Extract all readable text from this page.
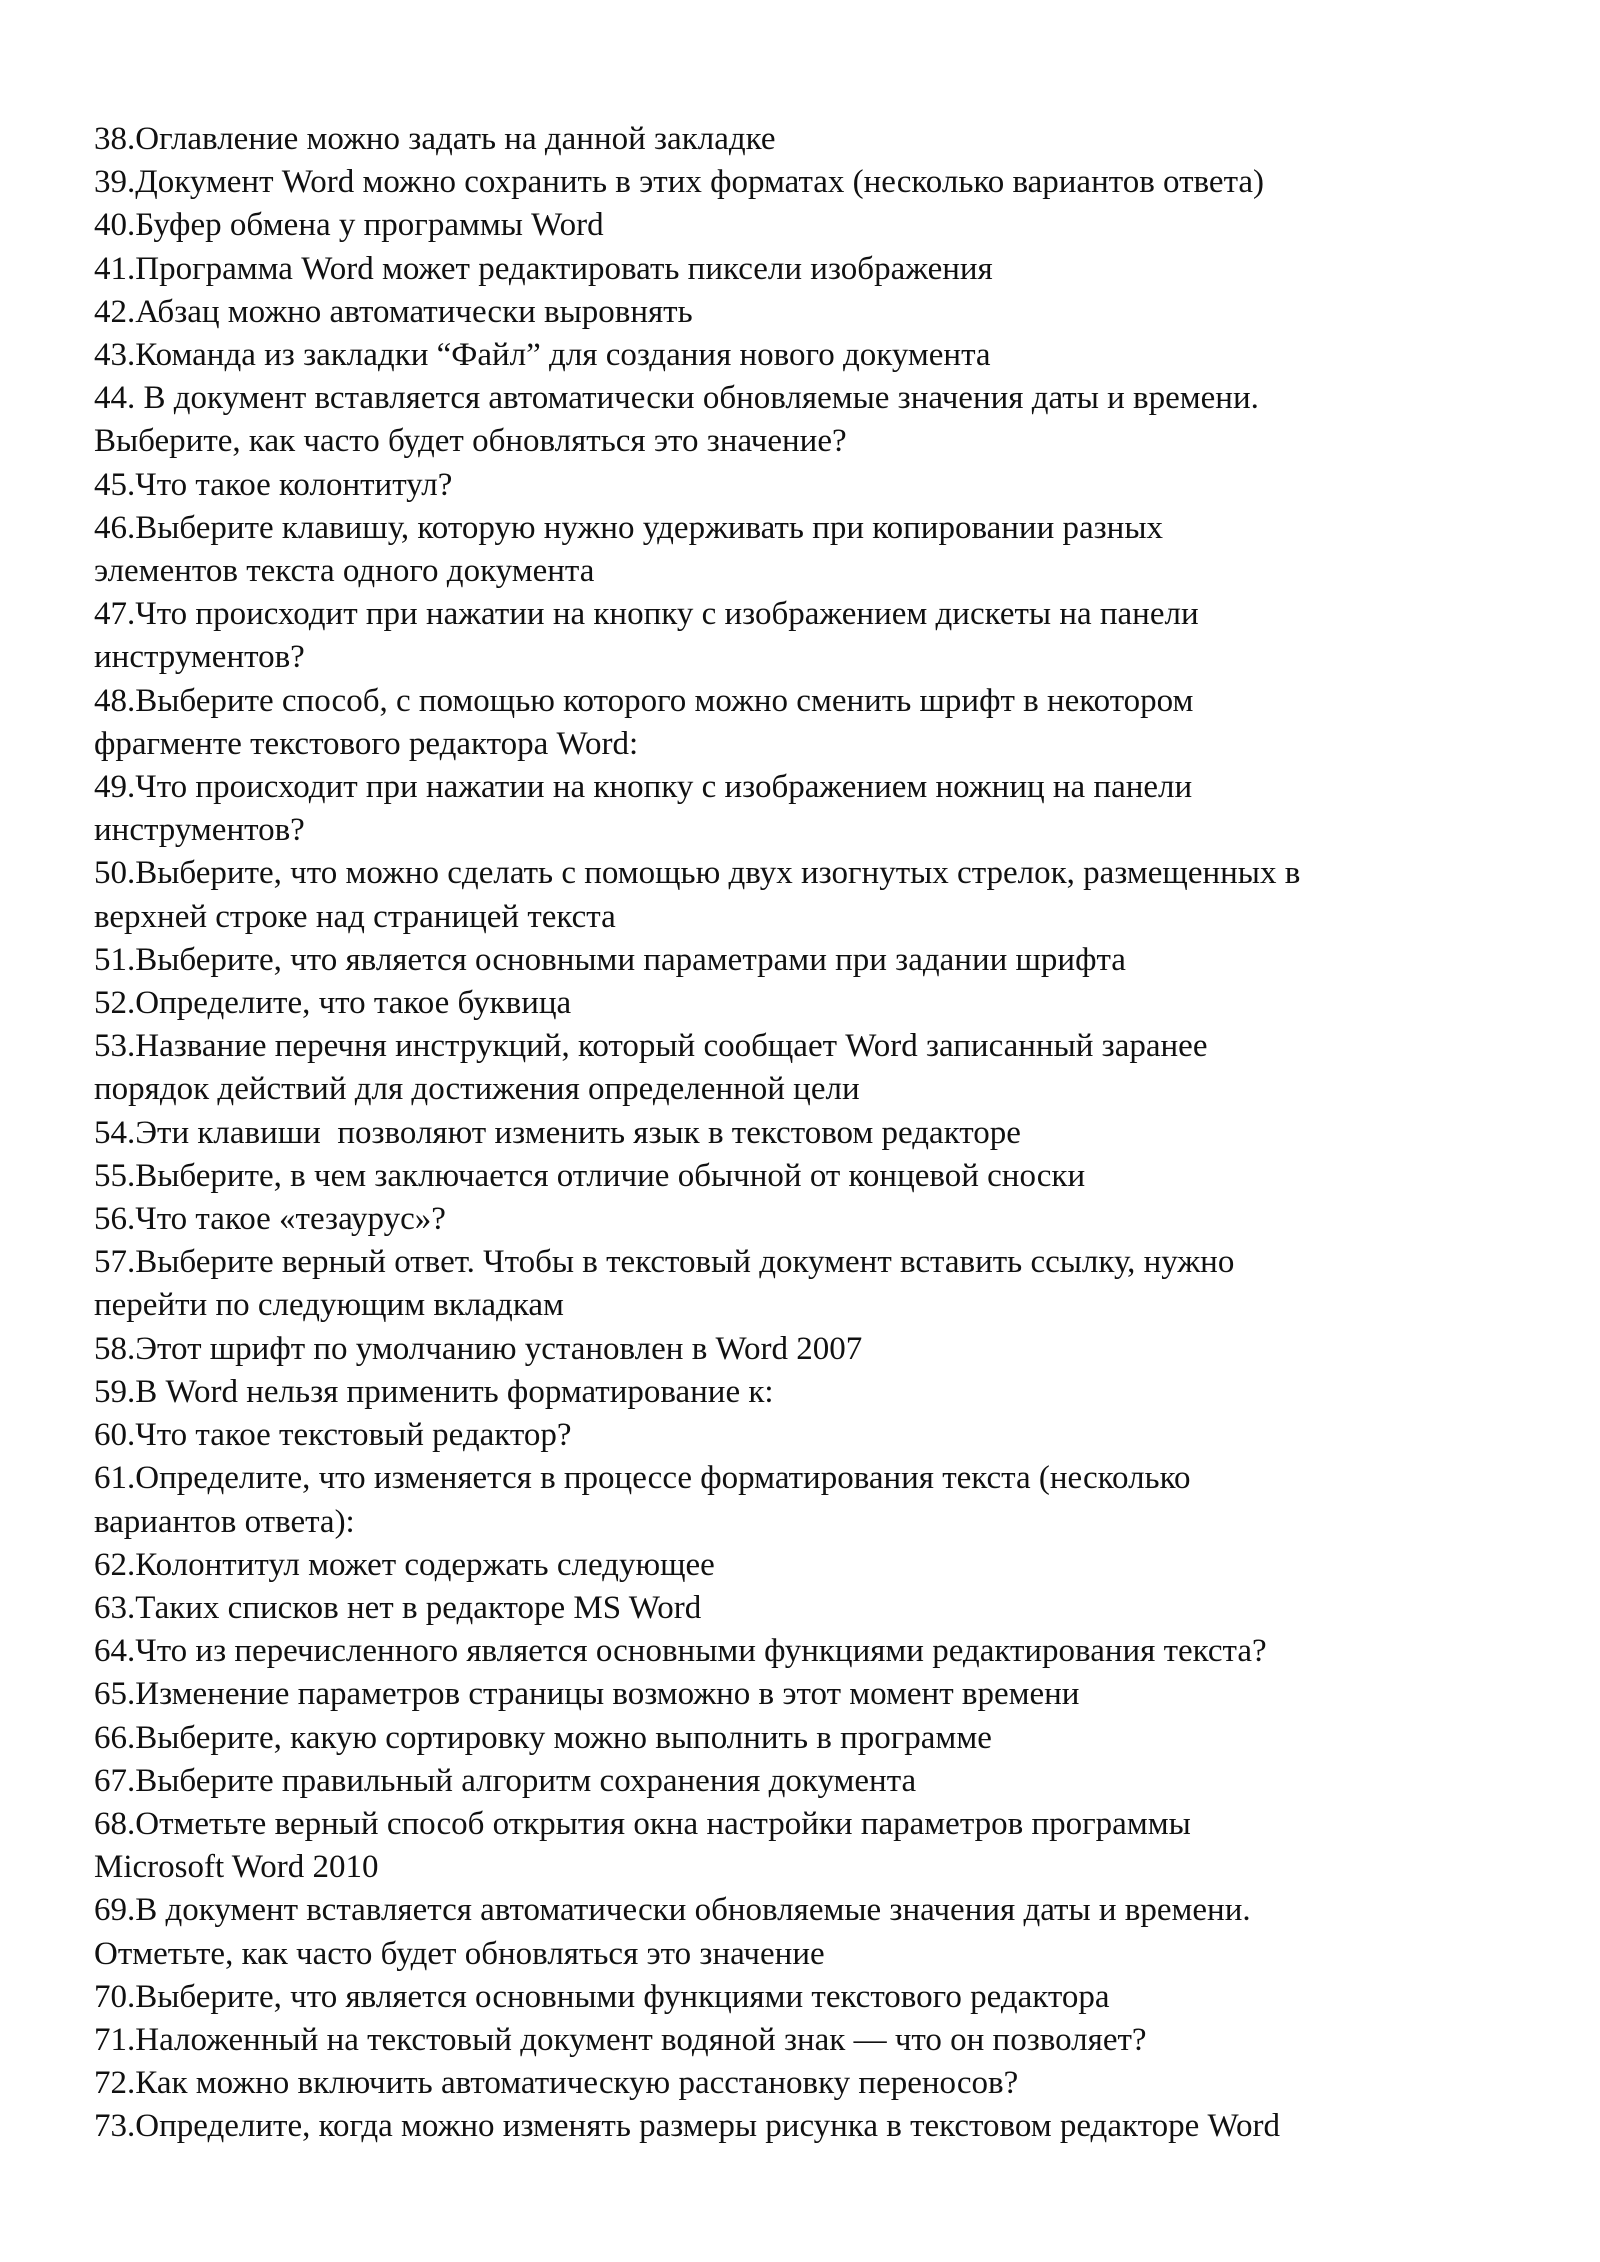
38.Оглавление можно задать на данной закладке

39.Документ Word можно сохранить в этих форматах (несколько вариантов ответа)

40.Буфер обмена у программы Word

41.Программа Word может редактировать пиксели изображения

42.Абзац можно автоматически выровнять

43.Команда из закладки “Файл” для создания нового документа

44. В документ вставляется автоматически обновляемые значения даты и времени.
Выберите, как часто будет обновляться это значение?

45.Что такое колонтитул?

46.Выберите клавишу, которую нужно удерживать при копировании разных
элементов текста одного документа

47.Что происходит при нажатии на кнопку с изображением дискеты на панели
инструментов?

48.Выберите способ, с помощью которого можно сменить шрифт в некотором
фрагменте текстового редактора Word:

49.Что происходит при нажатии на кнопку с изображением ножниц на панели
инструментов?

50.Выберите, что можно сделать с помощью двух изогнутых стрелок, размещенных в
верхней строке над страницей текста

51.Выберите, что является основными параметрами при задании шрифта

52.Определите, что такое буквица

53.Название перечня инструкций, который сообщает Word записанный заранее
порядок действий для достижения определенной цели

54.Эти клавиши  позволяют изменить язык в текстовом редакторе

55.Выберите, в чем заключается отличие обычной от концевой сноски

56.Что такое «тезаурус»?

57.Выберите верный ответ. Чтобы в текстовый документ вставить ссылку, нужно
перейти по следующим вкладкам

58.Этот шрифт по умолчанию установлен в Word 2007

59.В Word нельзя применить форматирование к:

60.Что такое текстовый редактор?

61.Определите, что изменяется в процессе форматирования текста (несколько
вариантов ответа):

62.Колонтитул может содержать следующее

63.Таких списков нет в редакторе MS Word

64.Что из перечисленного является основными функциями редактирования текста?

65.Изменение параметров страницы возможно в этот момент времени

66.Выберите, какую сортировку можно выполнить в программе

67.Выберите правильный алгоритм сохранения документа

68.Отметьте верный способ открытия окна настройки параметров программы
Microsoft Word 2010

69.В документ вставляется автоматически обновляемые значения даты и времени.
Отметьте, как часто будет обновляться это значение

70.Выберите, что является основными функциями текстового редактора

71.Наложенный на текстовый документ водяной знак — что он позволяет?

72.Как можно включить автоматическую расстановку переносов?

73.Определите, когда можно изменять размеры рисунка в текстовом редакторе Word
